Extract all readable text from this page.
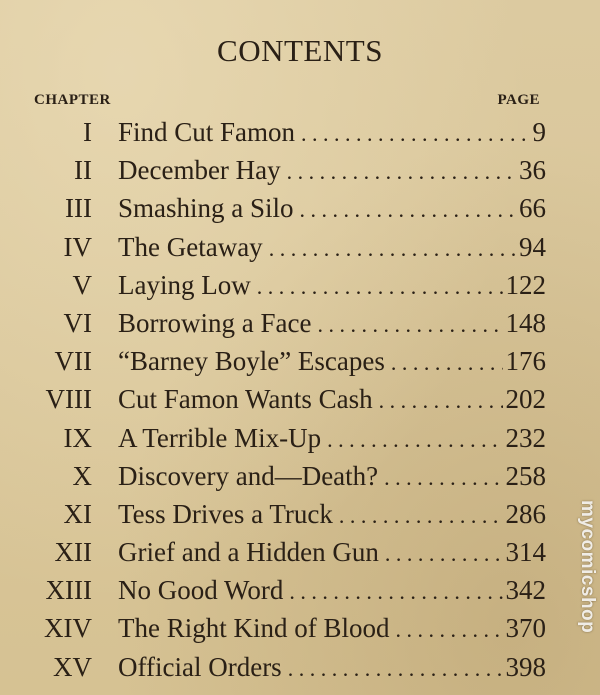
CONTENTS
CHAPTER	PAGE
I Find Cut Famon . . .	9
II December Hay . . .	36
III Smashing a Silo . . .	66
IV The Getaway . . .	94
V Laying Low . . .	122
VI Borrowing a Face . . .	148
VII “Barney Boyle” Escapes . . .	176
VIII Cut Famon Wants Cash . . .	202
IX A Terrible Mix-Up . . .	232
X Discovery and—Death? . . .	258
XI Tess Drives a Truck . . .	286
XII Grief and a Hidden Gun . . .	314
XIII No Good Word . . .	342
XIV The Right Kind of Blood . . .	370
XV Official Orders . . .	398
mycomicshop
